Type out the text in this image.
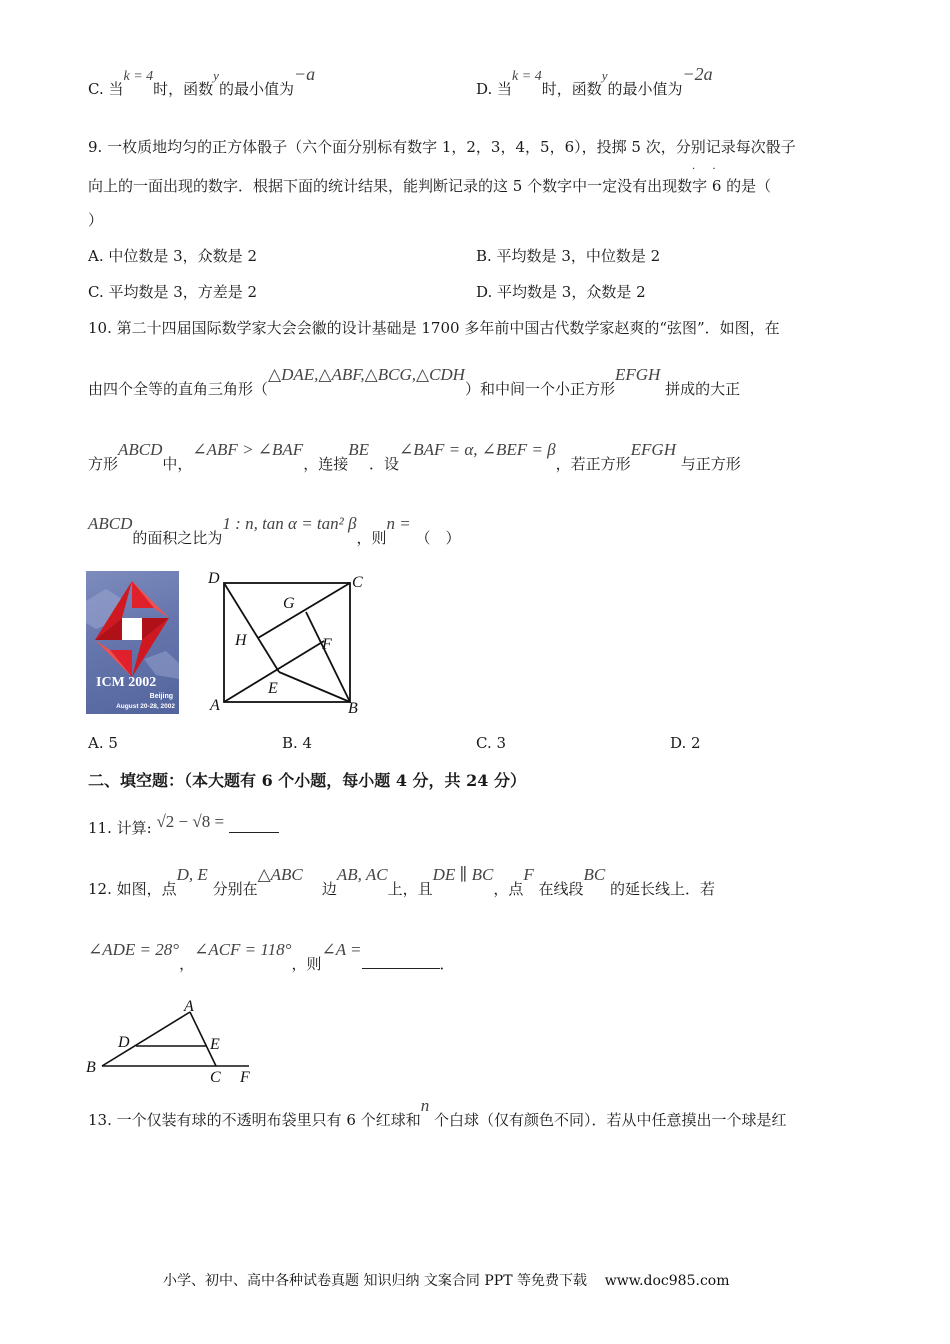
C. 当k = 4时，函数y的最小值为−a
D. 当k = 4时，函数y的最小值为−2a
9. 一枚质地均匀的正方体骰子（六个面分别标有数字 1，2，3，4，5，6），投掷 5 次，分别记录每次骰子
向上的一面出现的数字．根据下面的统计结果，能判断记录的这 5 个数字中一定没有出现数字 6 的是（
· ·
）
A. 中位数是 3，众数是 2	B. 平均数是 3，中位数是 2
C. 平均数是 3，方差是 2	D. 平均数是 3，众数是 2
10. 第二十四届国际数学家大会会徽的设计基础是 1700 多年前中国古代数学家赵爽的“弦图”．如图，在
由四个全等的直角三角形（△DAE,△ABF,△BCG,△CDH）和中间一个小正方形EFGH 拼成的大正
方形ABCD中，∠ABF > ∠BAF，连接BE．设∠BAF = α, ∠BEF = β，若正方形EFGH 与正方形
ABCD的面积之比为1 : n, tan α = tan² β，则n = （　）
ICM 2002
Beijing
August 20-28, 2002
D	C
G
H	F
E
A	B
A. 5	B. 4	C. 3	D. 2
二、填空题：（本大题有 6 个小题，每小题 4 分，共 24 分）
11. 计算: √2 − √8 =
12. 如图，点D, E 分别在△ABC    边AB, AC上，且DE ∥ BC，点F 在线段BC 的延长线上．若
∠ADE = 28°，∠ACF = 118°，则∠A =．
A
D	E
B
C F
13. 一个仅装有球的不透明布袋里只有 6 个红球和n 个白球（仅有颜色不同）．若从中任意摸出一个球是红
小学、初中、高中各种试卷真题 知识归纳 文案合同 PPT 等免费下载 www.doc985.com
